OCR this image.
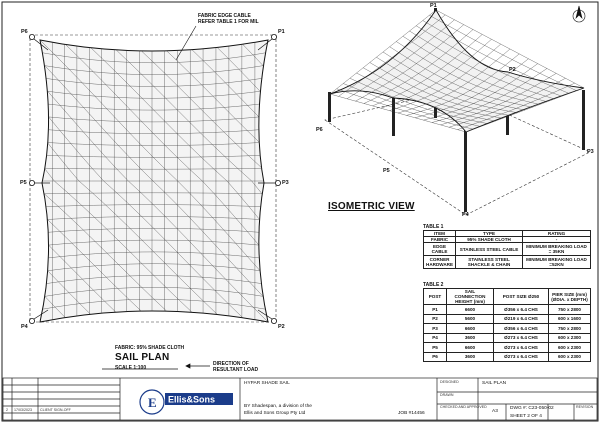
E Ellis&Sons
FABRIC EDGE CABLE
REFER TABLE 1 FOR MIL
P6	P1
P5	P3
P4	P2
FABRIC: 95% SHADE CLOTH
SAIL PLAN
SCALE 1:100
DIRECTION OF
RESULTANT LOAD
P1
P2
P3
P4
P5
P6
ISOMETRIC VIEW
TABLE 1
ITEM	TYPE	RATING
FABRIC	95% SHADE CLOTH	-
EDGE CABLE	STAINLESS STEEL CABLE	MINIMUM BREAKING LOAD = 35KN
CORNER HARDWARE	STAINLESS STEEL SHACKLE & CHAIN	MINIMUM BREAKING LOAD =52KN
TABLE 2
POST	SAIL CONNECTION HEIGHT (mm)	POST SIZE Ø250	PIER SIZE (mm) (ØDIA. x DEPTH)
P1	6600	Ø356 x 6.4 CHS	750 x 2800
P2	5600	Ø219 x 6.4 CHS	600 x 1600
P3	6600	Ø356 x 6.4 CHS	750 x 2800
P4	3600	Ø273 x 6.4 CHS	600 x 2300
P5	6600	Ø273 x 6.4 CHS	600 x 2300
P6	3600	Ø273 x 6.4 CHS	600 x 2300
2 17/03/2023 CLIENT SIGN-OFF
HYPAR SHADE SAIL
BY Shadespan, a division of the
Ellis and Sons Group Pty Ltd	JOB #14456
DESIGNED
DRAWN
CHECKED AND APPROVED
SAIL PLAN
A3
DWG #: C23-050-02
SHEET 2 OF 4
REVISION
